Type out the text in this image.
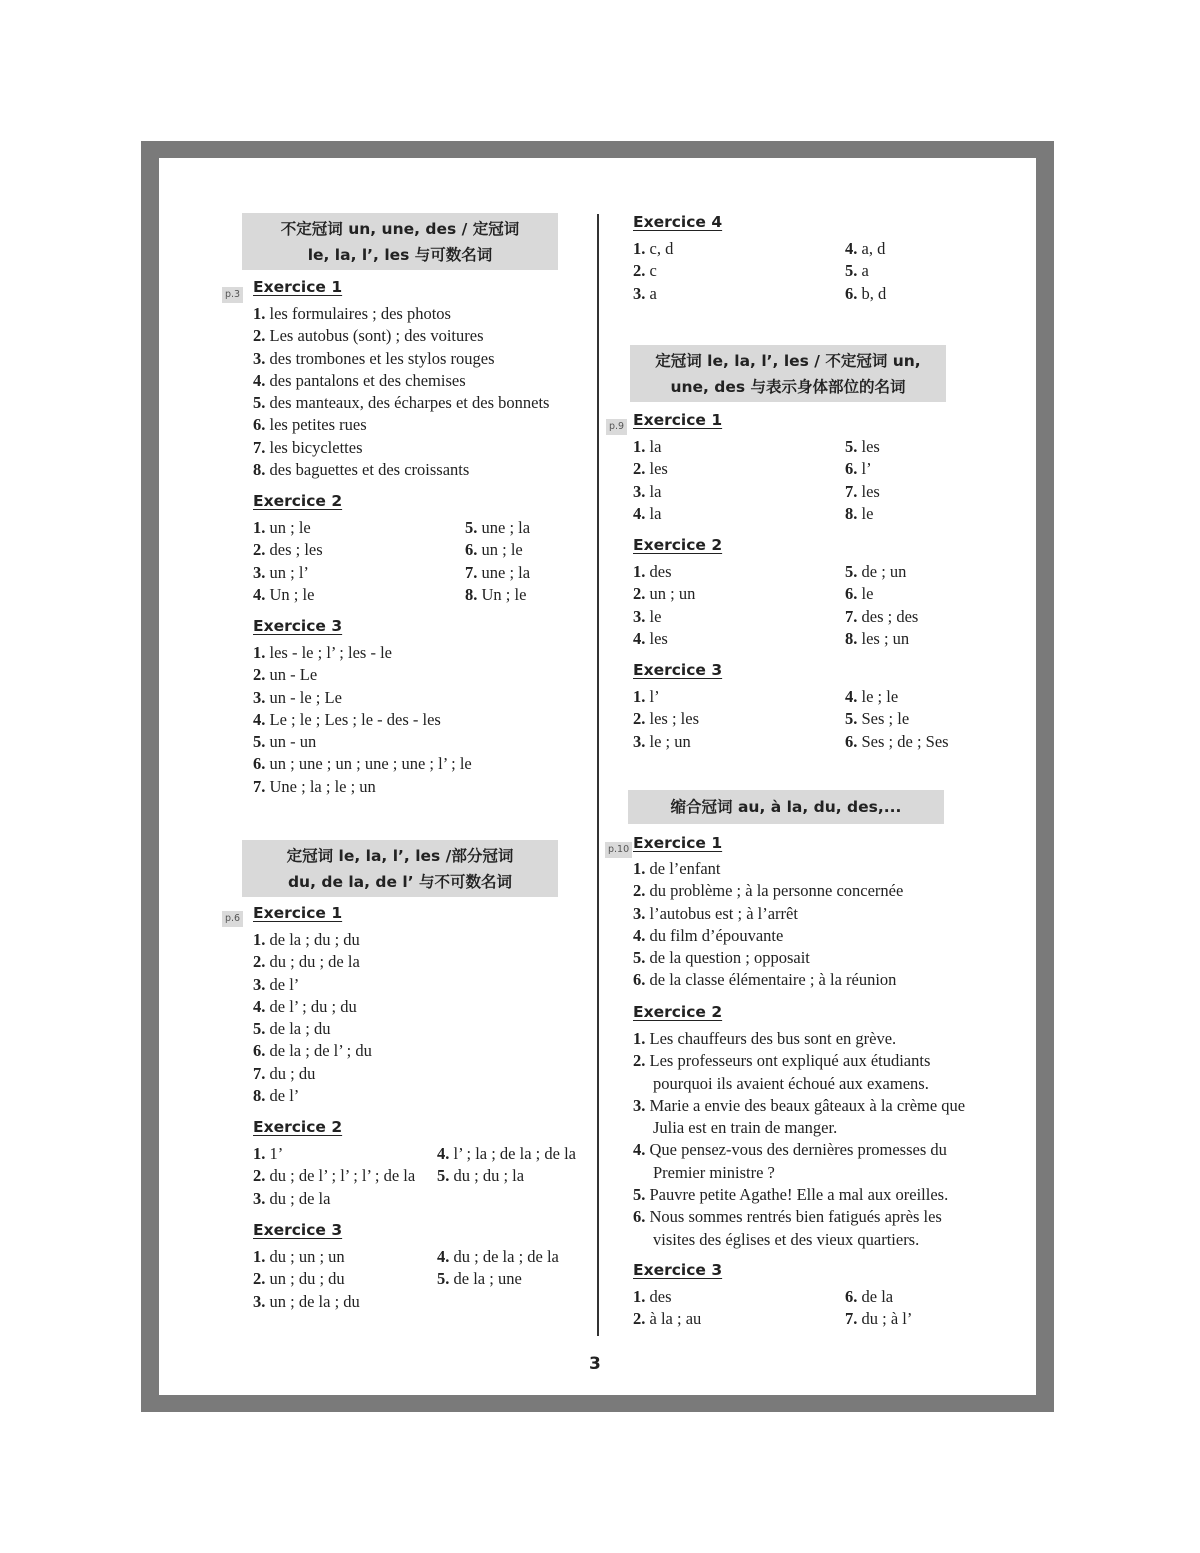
不定冠词 un, une, des / 定冠词
le, la, l’, les 与可数名词
p.3 Exercice 1
1. les formulaires ; des photos
2. Les autobus (sont) ; des voitures
3. des trombones et les stylos rouges
4. des pantalons et des chemises
5. des manteaux, des écharpes et des bonnets
6. les petites rues
7. les bicyclettes
8. des baguettes et des croissants
Exercice 2
1. un ; le
2. des ; les
3. un ; l’
4. Un ; le
5. une ; la
6. un ; le
7. une ; la
8. Un ; le
Exercice 3
1. les - le ; l’ ; les - le
2. un - Le
3. un - le ; Le
4. Le ; le ; Les ; le - des - les
5. un - un
6. un ; une ; un ; une ; une ; l’ ; le
7. Une ; la ; le ; un
定冠词 le, la, l’, les /部分冠词
du, de la, de l’ 与不可数名词
p.6 Exercice 1
1. de la ; du ; du
2. du ; du ; de la
3. de l’
4. de l’ ; du ; du
5. de la ; du
6. de la ; de l’ ; du
7. du ; du
8. de l’
Exercice 2
1. 1’
2. du ; de l’ ; l’ ; l’ ; de la
3. du ; de la
4. l’ ; la ; de la ; de la
5. du ; du ; la
Exercice 3
1. du ; un ; un
2. un ; du ; du
3. un ; de la ; du
4. du ; de la ; de la
5. de la ; une
Exercice 4
1. c, d
2. c
3. a
4. a, d
5. a
6. b, d
定冠词 le, la, l’, les / 不定冠词 un,
une, des 与表示身体部位的名词
p.9 Exercice 1
1. la
2. les
3. la
4. la
5. les
6. l’
7. les
8. le
Exercice 2
1. des
2. un ; un
3. le
4. les
5. de ; un
6. le
7. des ; des
8. les ; un
Exercice 3
1. l’
2. les ; les
3. le ; un
4. le ; le
5. Ses ; le
6. Ses ; de ; Ses
缩合冠词 au, à la, du, des,...
p.10 Exercice 1
1. de l’enfant
2. du problème ; à la personne concernée
3. l’autobus est ; à l’arrêt
4. du film d’épouvante
5. de la question ; opposait
6. de la classe élémentaire ; à la réunion
Exercice 2
1. Les chauffeurs des bus sont en grève.
2. Les professeurs ont expliqué aux étudiants pourquoi ils avaient échoué aux examens.
3. Marie a envie des beaux gâteaux à la crème que Julia est en train de manger.
4. Que pensez-vous des dernières promesses du Premier ministre ?
5. Pauvre petite Agathe! Elle a mal aux oreilles.
6. Nous sommes rentrés bien fatigués après les visites des églises et des vieux quartiers.
Exercice 3
1. des
2. à la ; au
6. de la
7. du ; à l’
3
